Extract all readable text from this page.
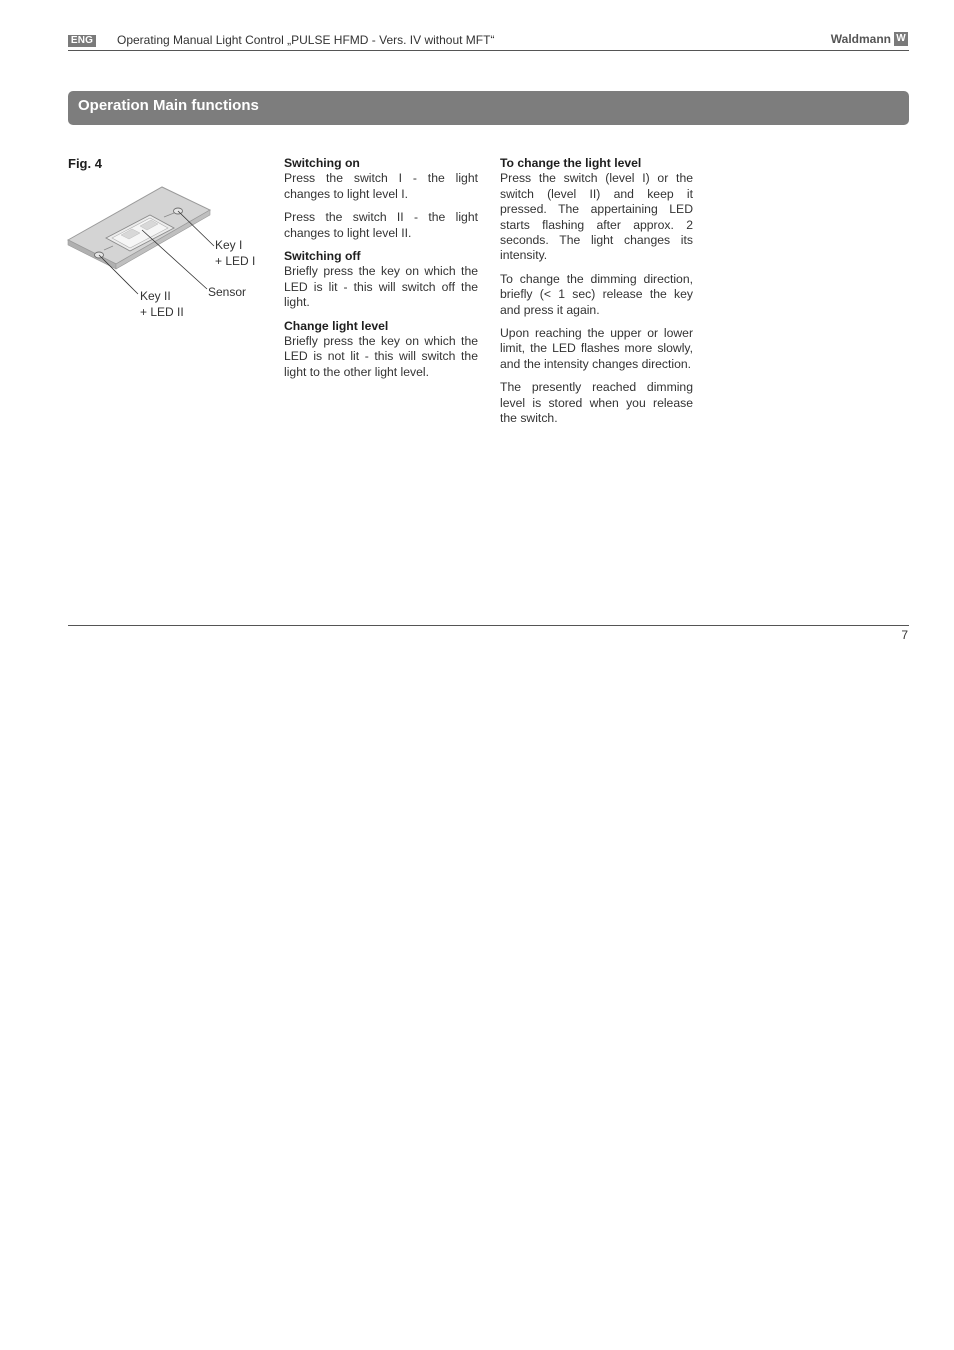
ENG Operating Manual Light Control „PULSE HFMD - Vers. IV without MFT“	Waldmann W
Operation Main functions
Fig. 4
Key I
+ LED I
Sensor
Key II
+ LED II
Switching on

Press the switch I - the light changes to light level I.

Press the switch II - the light changes to light level II.

Switching off

Briefly press the key on which the LED is lit - this will switch off the light.

Change light level

Briefly press the key on which the LED is not lit - this will switch the light to the other light level.

To change the light level

Press the switch (level I) or the switch (level II) and keep it pressed. The appertaining LED starts flashing after approx. 2 seconds. The light changes its intensity.

To change the dimming direction, briefly (< 1 sec) release the key and press it again.

Upon reaching the upper or lower limit, the LED flashes more slowly, and the intensity changes direction.

The presently reached dimming level is stored when you release the switch.

7
